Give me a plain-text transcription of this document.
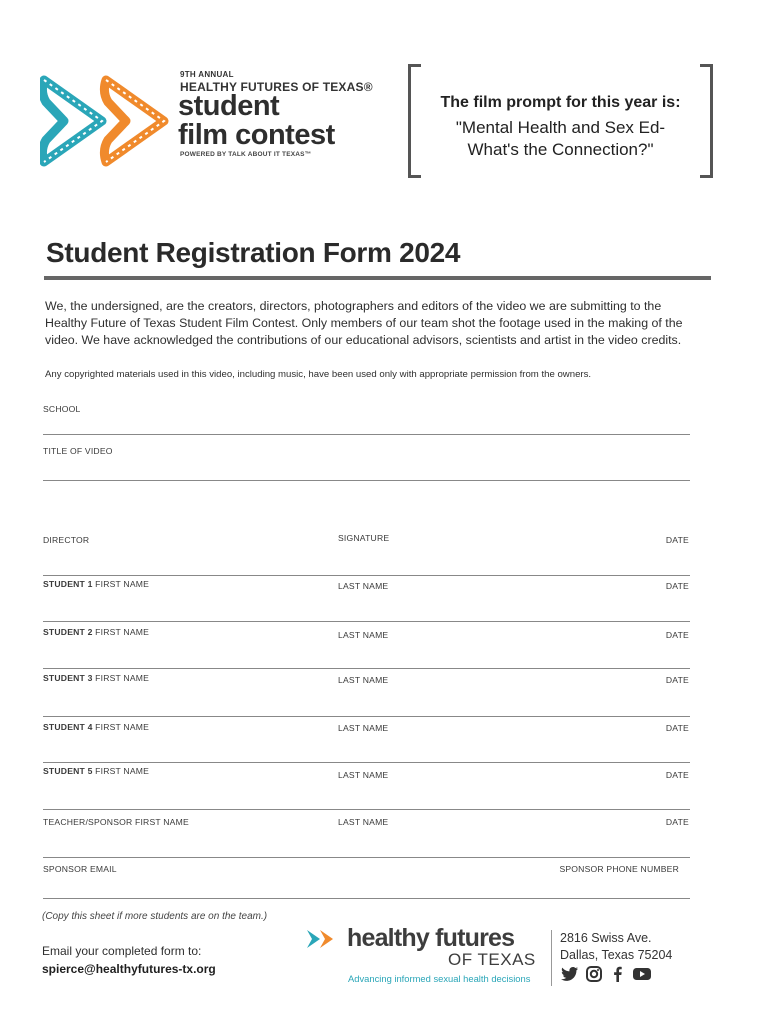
9TH ANNUAL
HEALTHY FUTURES OF TEXAS®
student
film contest
POWERED BY TALK ABOUT IT TEXAS™
The film prompt for this year is:
"Mental Health and Sex Ed-
What's the Connection?"
Student Registration Form 2024
We, the undersigned, are the creators, directors, photographers and editors of the video we are submitting to the Healthy Future of Texas Student Film Contest. Only members of our team shot the footage used in the making of the video. We have acknowledged the contributions of our educational advisors, scientists and artist in the video credits.
Any copyrighted materials used in this video, including music, have been used only with appropriate permission from the owners.
SCHOOL
TITLE OF VIDEO
DIRECTOR	SIGNATURE	DATE
STUDENT 1 FIRST NAME	LAST NAME	DATE
STUDENT 2 FIRST NAME	LAST NAME	DATE
STUDENT 3 FIRST NAME	LAST NAME	DATE
STUDENT 4 FIRST NAME	LAST NAME	DATE
STUDENT 5 FIRST NAME	LAST NAME	DATE
TEACHER/SPONSOR FIRST NAME	LAST NAME	DATE
SPONSOR EMAIL	SPONSOR PHONE NUMBER
(Copy this sheet if more students are on the team.)
Email your completed form to:
spierce@healthyfutures-tx.org
healthy futures
OF TEXAS
Advancing informed sexual health decisions
2816 Swiss Ave.
Dallas, Texas 75204
